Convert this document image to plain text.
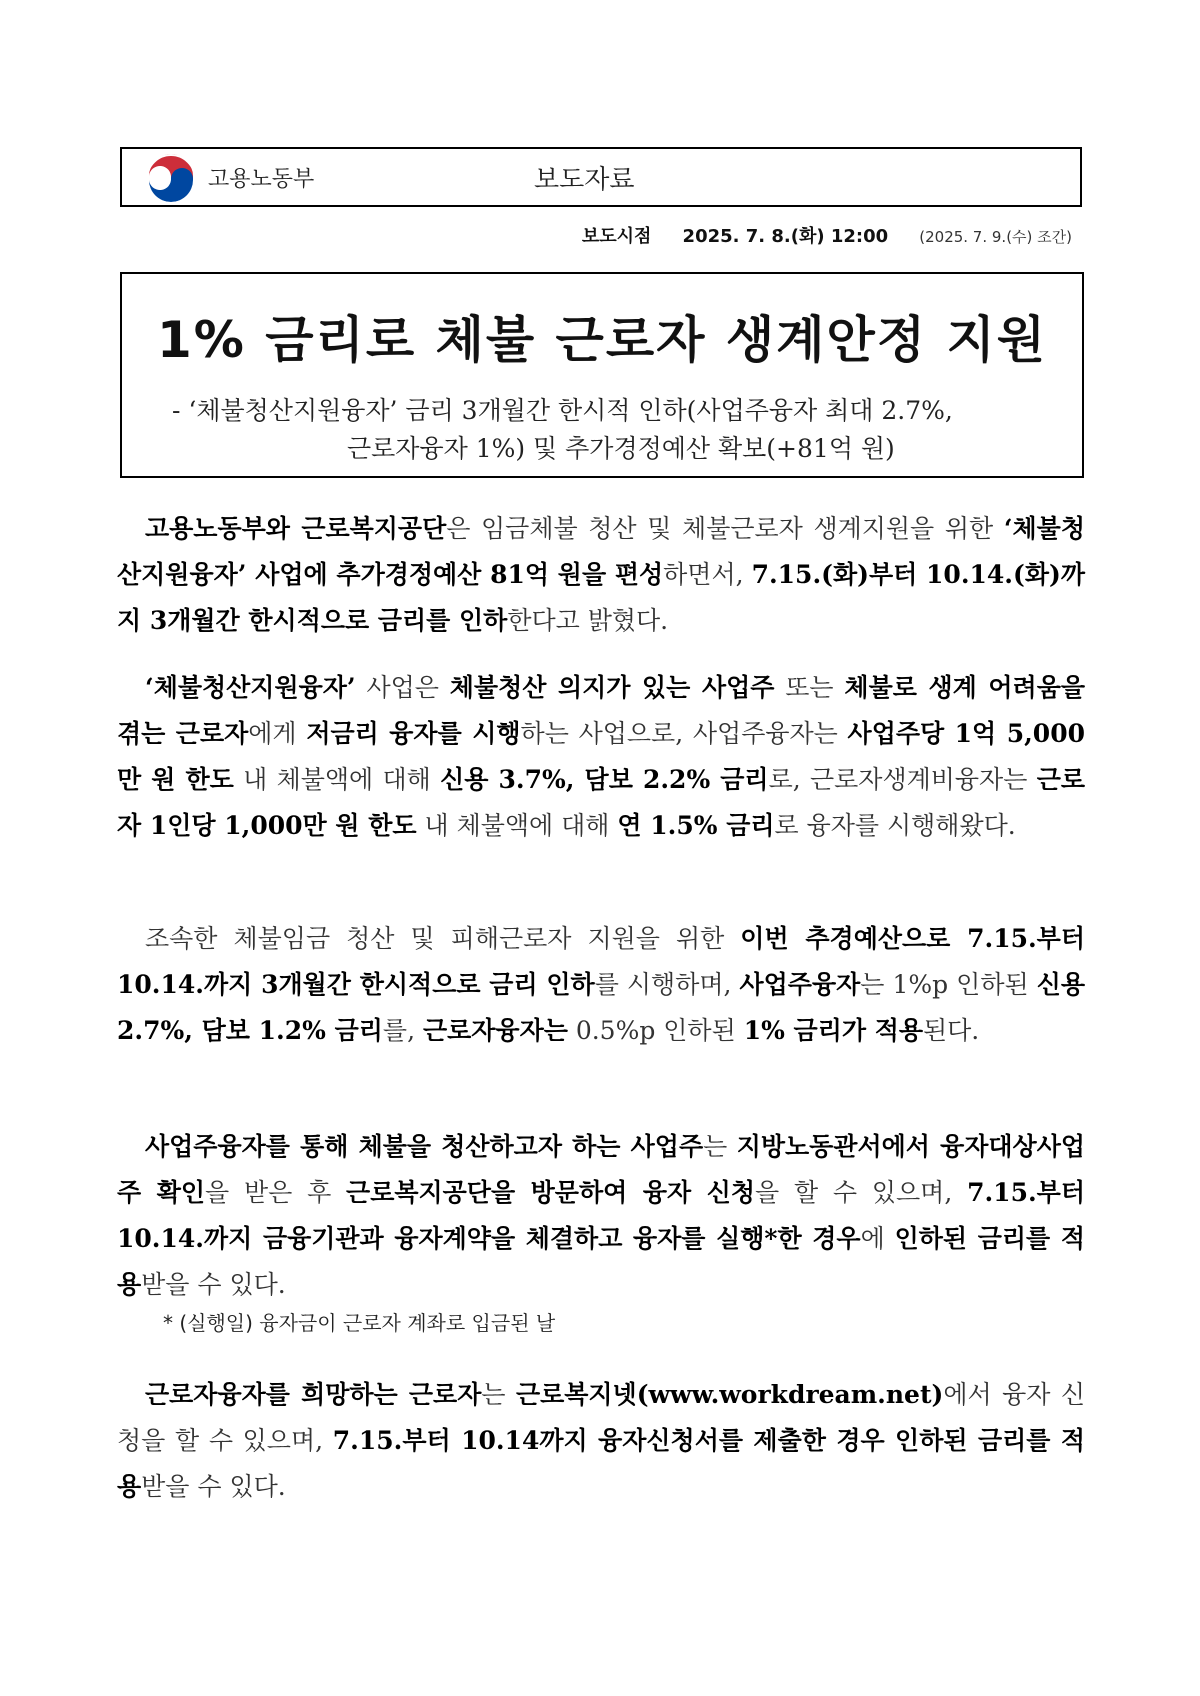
고용노동부	보도자료
보도시점 2025. 7. 8.(화) 12:00 (2025. 7. 9.(수) 조간)
1% 금리로 체불 근로자 생계안정 지원
- ‘체불청산지원융자’ 금리 3개월간 한시적 인하(사업주융자 최대 2.7%,
근로자융자 1%) 및 추가경정예산 확보(+81억 원)

고용노동부와 근로복지공단은 임금체불 청산 및 체불근로자 생계지원을 위한 ‘체불청산지원융자’ 사업에 추가경정예산 81억 원을 편성하면서, 7.15.(화)부터 10.14.(화)까지 3개월간 한시적으로 금리를 인하한다고 밝혔다.

‘체불청산지원융자’ 사업은 체불청산 의지가 있는 사업주 또는 체불로 생계 어려움을 겪는 근로자에게 저금리 융자를 시행하는 사업으로, 사업주융자는 사업주당 1억 5,000만 원 한도 내 체불액에 대해 신용 3.7%, 담보 2.2% 금리로, 근로자생계비융자는 근로자 1인당 1,000만 원 한도 내 체불액에 대해 연 1.5% 금리로 융자를 시행해왔다.

조속한 체불임금 청산 및 피해근로자 지원을 위한 이번 추경예산으로 7.15.부터 10.14.까지 3개월간 한시적으로 금리 인하를 시행하며, 사업주융자는 1%p 인하된 신용 2.7%, 담보 1.2% 금리를, 근로자융자는 0.5%p 인하된 1% 금리가 적용된다.

사업주융자를 통해 체불을 청산하고자 하는 사업주는 지방노동관서에서 융자대상사업주 확인을 받은 후 근로복지공단을 방문하여 융자 신청을 할 수 있으며, 7.15.부터 10.14.까지 금융기관과 융자계약을 체결하고 융자를 실행*한 경우에 인하된 금리를 적용받을 수 있다.

* (실행일) 융자금이 근로자 계좌로 입금된 날

근로자융자를 희망하는 근로자는 근로복지넷(www.workdream.net)에서 융자 신청을 할 수 있으며, 7.15.부터 10.14까지 융자신청서를 제출한 경우 인하된 금리를 적용받을 수 있다.
